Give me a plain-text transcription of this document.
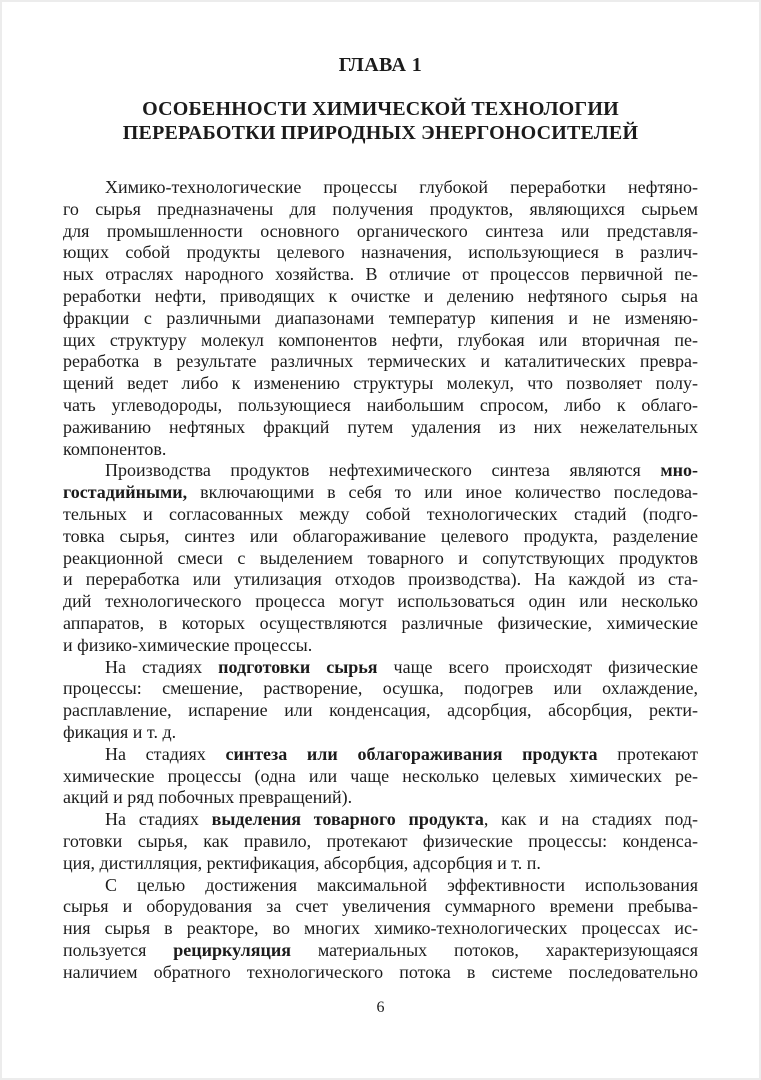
ГЛАВА 1
ОСОБЕННОСТИ ХИМИЧЕСКОЙ ТЕХНОЛОГИИ
ПЕРЕРАБОТКИ ПРИРОДНЫХ ЭНЕРГОНОСИТЕЛЕЙ
Химико-технологические процессы глубокой переработки нефтяно-
го сырья предназначены для получения продуктов, являющихся сырьем
для промышленности основного органического синтеза или представля-
ющих собой продукты целевого назначения, использующиеся в различ-
ных отраслях народного хозяйства. В отличие от процессов первичной пе-
реработки нефти, приводящих к очистке и делению нефтяного сырья на
фракции с различными диапазонами температур кипения и не изменяю-
щих структуру молекул компонентов нефти, глубокая или вторичная пе-
реработка в результате различных термических и каталитических превра-
щений ведет либо к изменению структуры молекул, что позволяет полу-
чать углеводороды, пользующиеся наибольшим спросом, либо к облаго-
раживанию нефтяных фракций путем удаления из них нежелательных
компонентов.
Производства продуктов нефтехимического синтеза являются мно-
гостадийными, включающими в себя то или иное количество последова-
тельных и согласованных между собой технологических стадий (подго-
товка сырья, синтез или облагораживание целевого продукта, разделение
реакционной смеси с выделением товарного и сопутствующих продуктов
и переработка или утилизация отходов производства). На каждой из ста-
дий технологического процесса могут использоваться один или несколько
аппаратов, в которых осуществляются различные физические, химические
и физико-химические процессы.
На стадиях подготовки сырья чаще всего происходят физические
процессы: смешение, растворение, осушка, подогрев или охлаждение,
расплавление, испарение или конденсация, адсорбция, абсорбция, ректи-
фикация и т. д.
На стадиях синтеза или облагораживания продукта протекают
химические процессы (одна или чаще несколько целевых химических ре-
акций и ряд побочных превращений).
На стадиях выделения товарного продукта, как и на стадиях под-
готовки сырья, как правило, протекают физические процессы: конденса-
ция, дистилляция, ректификация, абсорбция, адсорбция и т. п.
С целью достижения максимальной эффективности использования
сырья и оборудования за счет увеличения суммарного времени пребыва-
ния сырья в реакторе, во многих химико-технологических процессах ис-
пользуется рециркуляция материальных потоков, характеризующаяся
наличием обратного технологического потока в системе последовательно
6
